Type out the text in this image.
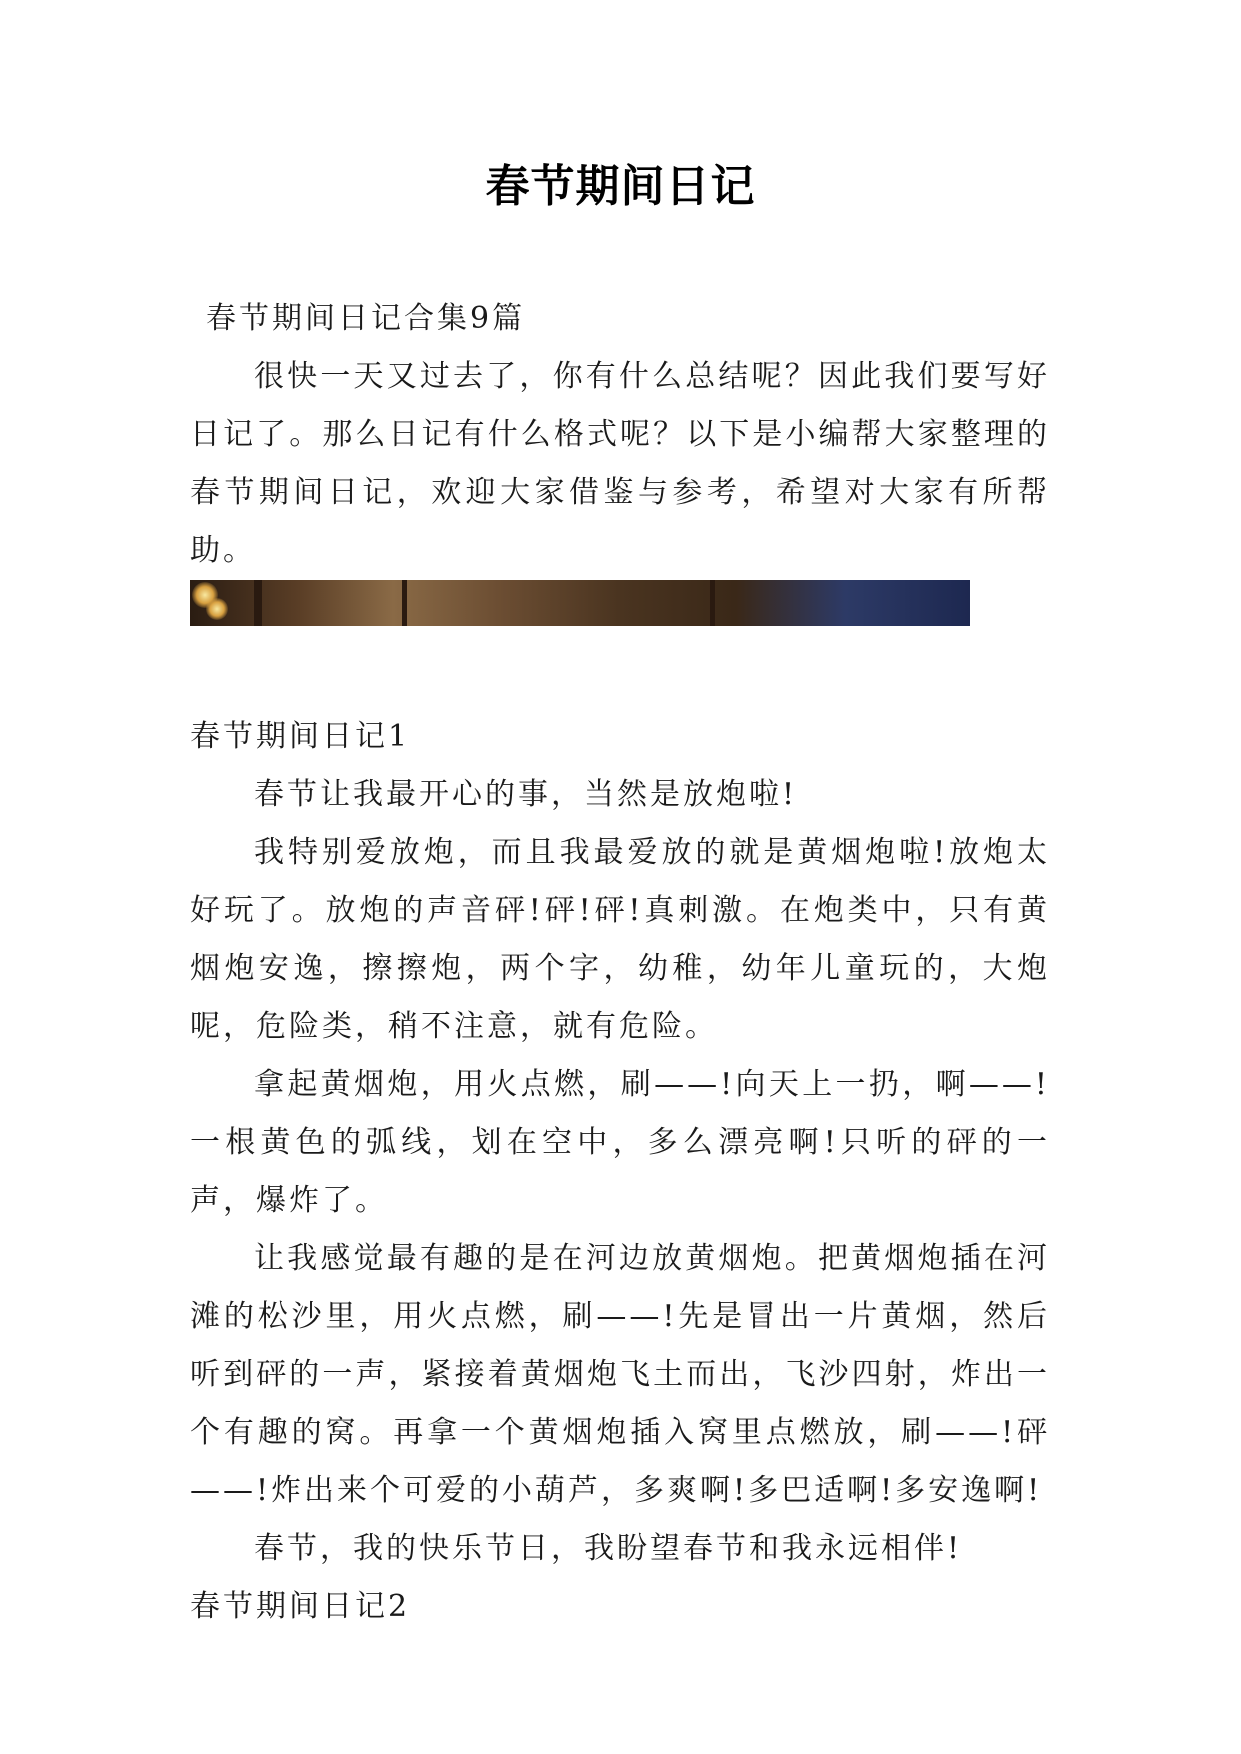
春节期间日记

春节期间日记合集9篇

很快一天又过去了，你有什么总结呢？因此我们要写好日记了。那么日记有什么格式呢？以下是小编帮大家整理的春节期间日记，欢迎大家借鉴与参考，希望对大家有所帮助。

春节期间日记1

春节让我最开心的事，当然是放炮啦!

我特别爱放炮，而且我最爱放的就是黄烟炮啦!放炮太好玩了。放炮的声音砰!砰!砰!真刺激。在炮类中，只有黄烟炮安逸，擦擦炮，两个字，幼稚，幼年儿童玩的，大炮呢，危险类，稍不注意，就有危险。

拿起黄烟炮，用火点燃，刷——!向天上一扔，啊——!一根黄色的弧线，划在空中，多么漂亮啊!只听的砰的一声，爆炸了。

让我感觉最有趣的是在河边放黄烟炮。把黄烟炮插在河滩的松沙里，用火点燃，刷——!先是冒出一片黄烟，然后听到砰的一声，紧接着黄烟炮飞土而出，飞沙四射，炸出一个有趣的窝。再拿一个黄烟炮插入窝里点燃放，刷——!砰——!炸出来个可爱的小葫芦，多爽啊!多巴适啊!多安逸啊!

春节，我的快乐节日，我盼望春节和我永远相伴!

春节期间日记2
